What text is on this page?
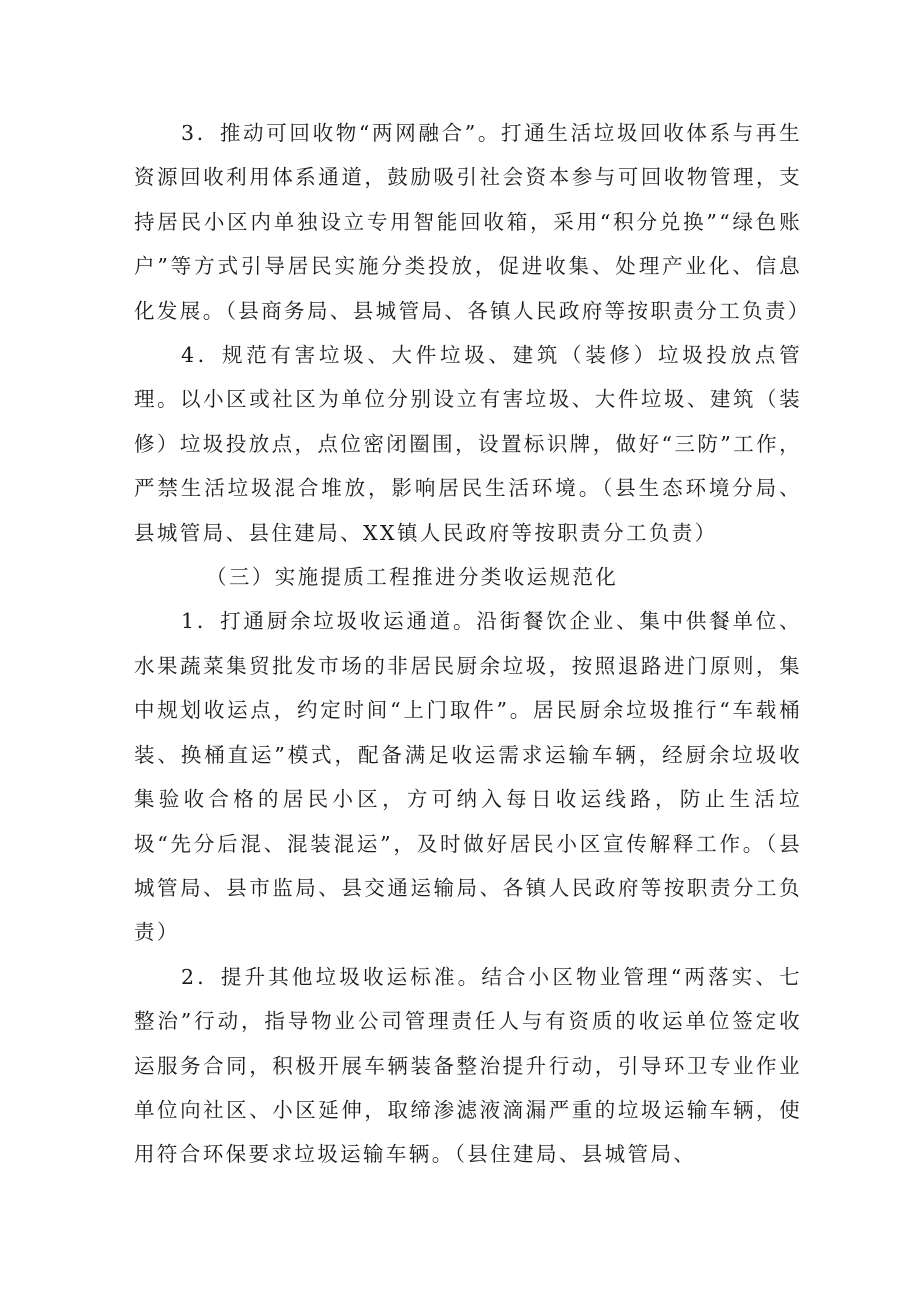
3．推动可回收物“两网融合”。打通生活垃圾回收体系与再生资源回收利用体系通道，鼓励吸引社会资本参与可回收物管理，支持居民小区内单独设立专用智能回收箱，采用“积分兑换”“绿色账户”等方式引导居民实施分类投放，促进收集、处理产业化、信息化发展。（县商务局、县城管局、各镇人民政府等按职责分工负责）

4．规范有害垃圾、大件垃圾、建筑（装修）垃圾投放点管理。以小区或社区为单位分别设立有害垃圾、大件垃圾、建筑（装修）垃圾投放点，点位密闭圈围，设置标识牌，做好“三防”工作，严禁生活垃圾混合堆放，影响居民生活环境。（县生态环境分局、县城管局、县住建局、XX镇人民政府等按职责分工负责）

（三）实施提质工程推进分类收运规范化

1．打通厨余垃圾收运通道。沿街餐饮企业、集中供餐单位、水果蔬菜集贸批发市场的非居民厨余垃圾，按照退路进门原则，集中规划收运点，约定时间“上门取件”。居民厨余垃圾推行“车载桶装、换桶直运”模式，配备满足收运需求运输车辆，经厨余垃圾收集验收合格的居民小区，方可纳入每日收运线路，防止生活垃圾“先分后混、混装混运”，及时做好居民小区宣传解释工作。（县城管局、县市监局、县交通运输局、各镇人民政府等按职责分工负责）

2．提升其他垃圾收运标准。结合小区物业管理“两落实、七整治”行动，指导物业公司管理责任人与有资质的收运单位签定收运服务合同，积极开展车辆装备整治提升行动，引导环卫专业作业单位向社区、小区延伸，取缔渗滤液滴漏严重的垃圾运输车辆，使用符合环保要求垃圾运输车辆。（县住建局、县城管局、
